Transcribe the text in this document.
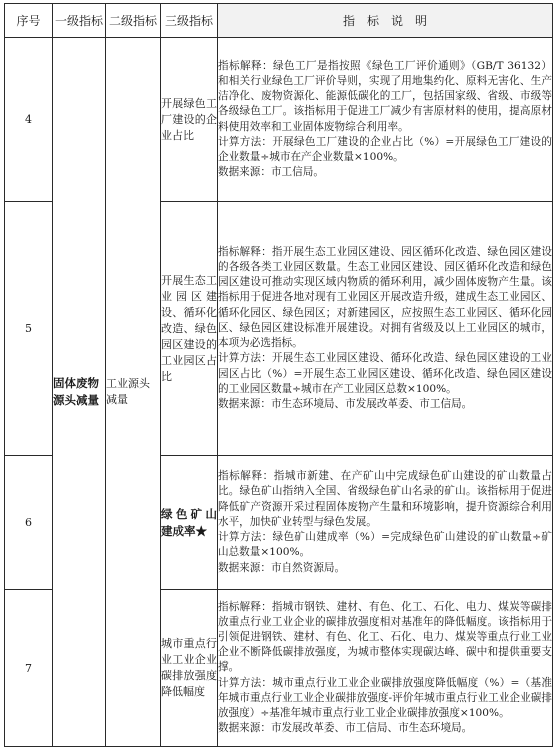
序号	一级指标	二级指标	三级指标	指　标　说　明
4	固体废物源头减量	工业源头减量	开展绿色工厂建设的企业占比	指标解释：绿色工厂是指按照《绿色工厂评价通则》（GB/T 36132）和相关行业绿色工厂评价导则，实现了用地集约化、原料无害化、生产洁净化、废物资源化、能源低碳化的工厂，包括国家级、省级、市级等各级绿色工厂。该指标用于促进工厂减少有害原材料的使用，提高原材料使用效率和工业固体废物综合利用率。

计算方法：开展绿色工厂建设的企业占比（%）=开展绿色工厂建设的企业数量÷城市在产企业数量×100%。

数据来源：市工信局。

5			开展生态工业园区建设、循环化改造、绿色园区建设的工业园区占比	指标解释：指开展生态工业园区建设、园区循环化改造、绿色园区建设的各级各类工业园区数量。生态工业园区建设、园区循环化改造和绿色园区建设可推动实现区域内物质的循环利用，减少固体废物产生量。该指标用于促进各地对现有工业园区开展改造升级，建成生态工业园区、循环化园区、绿色园区；对新建园区，应按照生态工业园区、循环化园区、绿色园区建设标准开展建设。对拥有省级及以上工业园区的城市，本项为必选指标。

计算方法：开展生态工业园区建设、循环化改造、绿色园区建设的工业园区占比（%）=开展生态工业园区建设、循环化改造、绿色园区建设的工业园区数量÷城市在产工业园区总数×100%。

数据来源：市生态环境局、市发展改革委、市工信局。

6			绿色矿山建成率★	指标解释：指城市新建、在产矿山中完成绿色矿山建设的矿山数量占比。绿色矿山指纳入全国、省级绿色矿山名录的矿山。该指标用于促进降低矿产资源开采过程固体废物产生量和环境影响，提升资源综合利用水平，加快矿业转型与绿色发展。

计算方法：绿色矿山建成率（%）=完成绿色矿山建设的矿山数量÷矿山总数量×100%。

数据来源：市自然资源局。

7			城市重点行业工业企业碳排放强度降低幅度	指标解释：指城市钢铁、建材、有色、化工、石化、电力、煤炭等碳排放重点行业工业企业的碳排放强度相对基准年的降低幅度。该指标用于引领促进钢铁、建材、有色、化工、石化、电力、煤炭等重点行业工业企业不断降低碳排放强度，为城市整体实现碳达峰、碳中和提供重要支撑。

计算方法：城市重点行业工业企业碳排放强度降低幅度（%）=（基准年城市重点行业工业企业碳排放强度-评价年城市重点行业工业企业碳排放强度）÷基准年城市重点行业工业企业碳排放强度×100%。

数据来源：市发展改革委、市工信局、市生态环境局。
